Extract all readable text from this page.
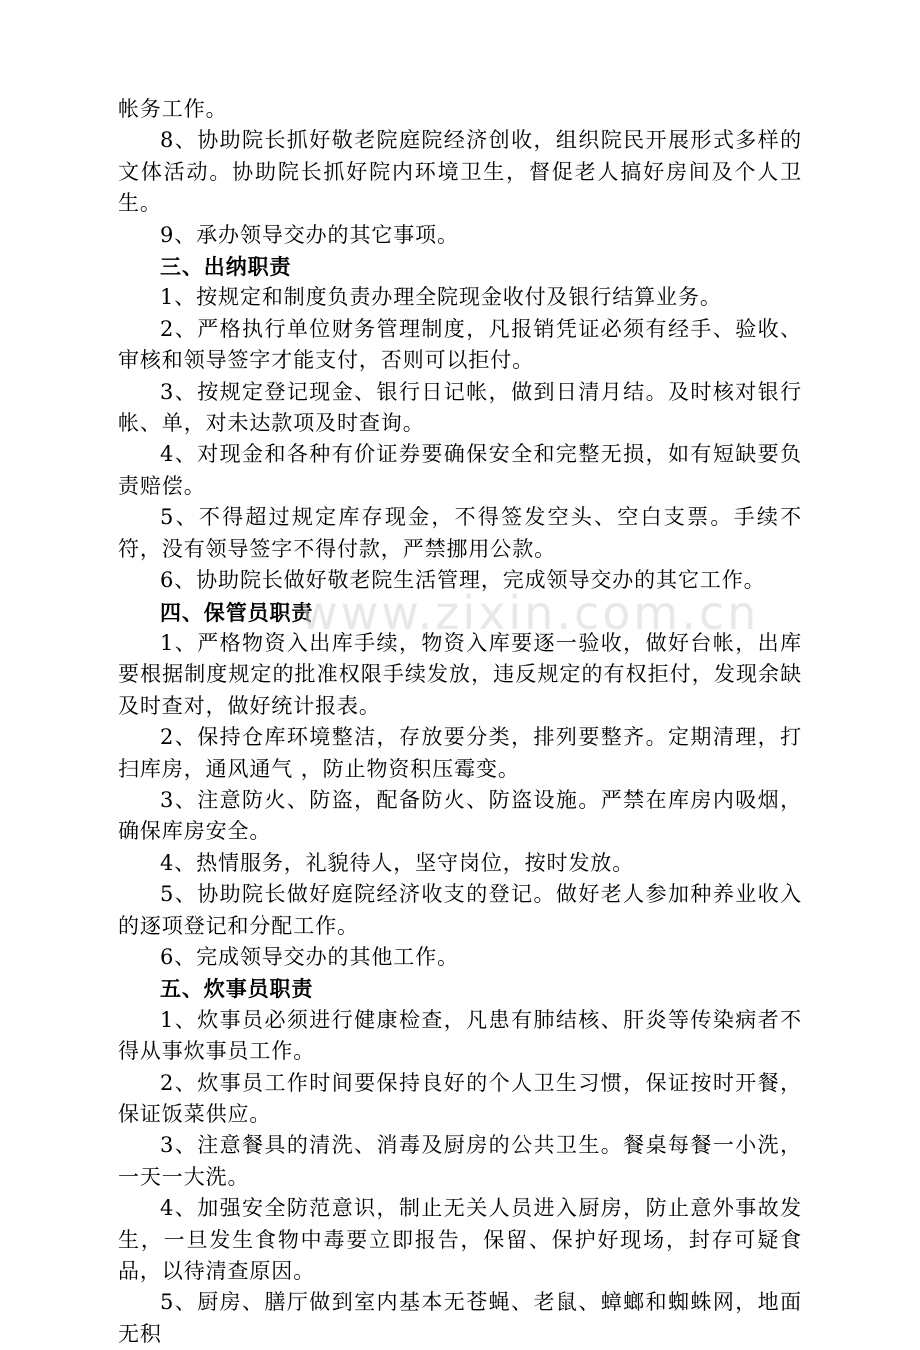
帐务工作。

8、协助院长抓好敬老院庭院经济创收，组织院民开展形式多样的文体活动。协助院长抓好院内环境卫生，督促老人搞好房间及个人卫生。

9、承办领导交办的其它事项。

三、出纳职责

1、按规定和制度负责办理全院现金收付及银行结算业务。

2、严格执行单位财务管理制度，凡报销凭证必须有经手、验收、审核和领导签字才能支付，否则可以拒付。

3、按规定登记现金、银行日记帐，做到日清月结。及时核对银行帐、单，对未达款项及时查询。

4、对现金和各种有价证券要确保安全和完整无损，如有短缺要负责赔偿。

5、不得超过规定库存现金，不得签发空头、空白支票。手续不符，没有领导签字不得付款，严禁挪用公款。

6、协助院长做好敬老院生活管理，完成领导交办的其它工作。

四、保管员职责

1、严格物资入出库手续，物资入库要逐一验收，做好台帐，出库要根据制度规定的批准权限手续发放，违反规定的有权拒付，发现余缺及时查对，做好统计报表。

2、保持仓库环境整洁，存放要分类，排列要整齐。定期清理，打扫库房，通风通气 ，防止物资积压霉变。

3、注意防火、防盗，配备防火、防盗设施。严禁在库房内吸烟，确保库房安全。

4、热情服务，礼貌待人，坚守岗位，按时发放。

5、协助院长做好庭院经济收支的登记。做好老人参加种养业收入的逐项登记和分配工作。

6、完成领导交办的其他工作。

五、炊事员职责

1、炊事员必须进行健康检查，凡患有肺结核、肝炎等传染病者不得从事炊事员工作。

2、炊事员工作时间要保持良好的个人卫生习惯，保证按时开餐，保证饭菜供应。

3、注意餐具的清洗、消毒及厨房的公共卫生。餐桌每餐一小洗，一天一大洗。

4、加强安全防范意识，制止无关人员进入厨房，防止意外事故发生，一旦发生食物中毒要立即报告，保留、保护好现场，封存可疑食品，以待清查原因。

5、厨房、膳厅做到室内基本无苍蝇、老鼠、蟑螂和蜘蛛网，地面无积

www.zixin.com.cn
